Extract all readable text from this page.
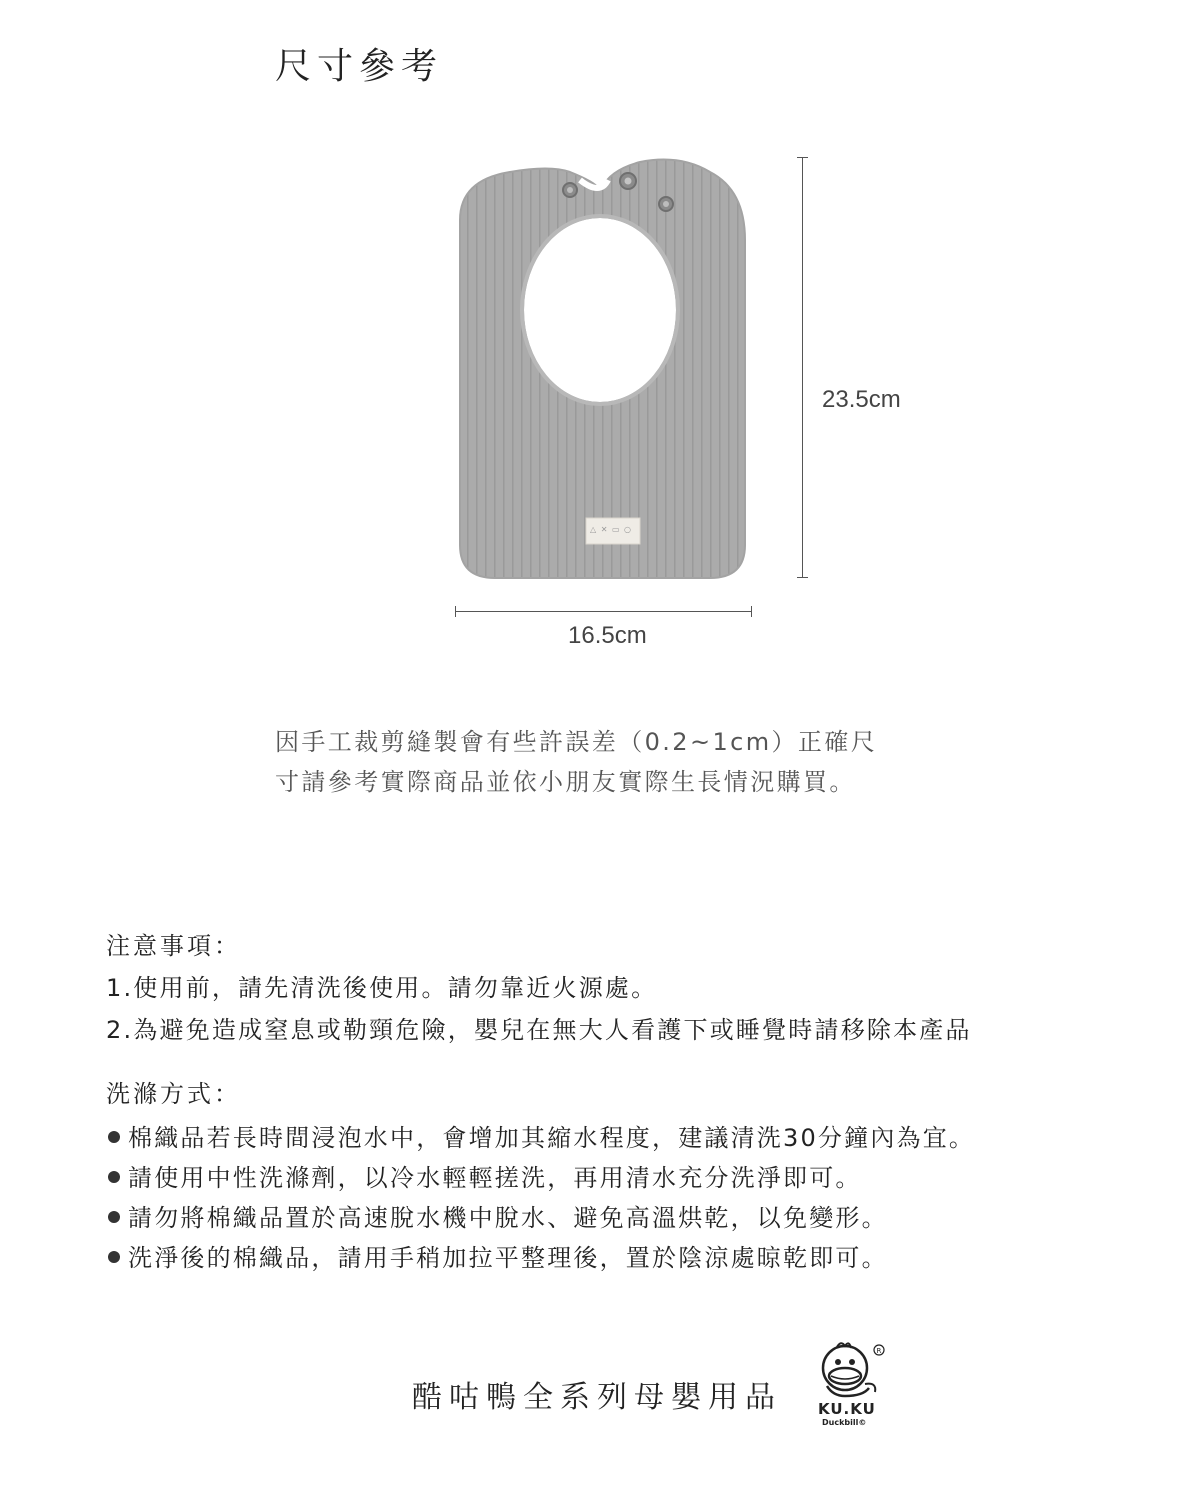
尺寸參考
△ ✕ ▭ ○
23.5cm
16.5cm
因手工裁剪縫製會有些許誤差（0.2~1cm）正確尺
寸請參考實際商品並依小朋友實際生長情況購買。
注意事項：
1.使用前，請先清洗後使用。請勿靠近火源處。
2.為避免造成窒息或勒頸危險，嬰兒在無大人看護下或睡覺時請移除本產品
洗滌方式：
棉織品若長時間浸泡水中，會增加其縮水程度，建議清洗30分鐘內為宜。
請使用中性洗滌劑，以冷水輕輕搓洗，再用清水充分洗淨即可。
請勿將棉織品置於高速脫水機中脫水、避免高溫烘乾，以免變形。
洗淨後的棉織品，請用手稍加拉平整理後，置於陰涼處晾乾即可。
酷咕鴨全系列母嬰用品
R
KU.KU
Duckbill©
